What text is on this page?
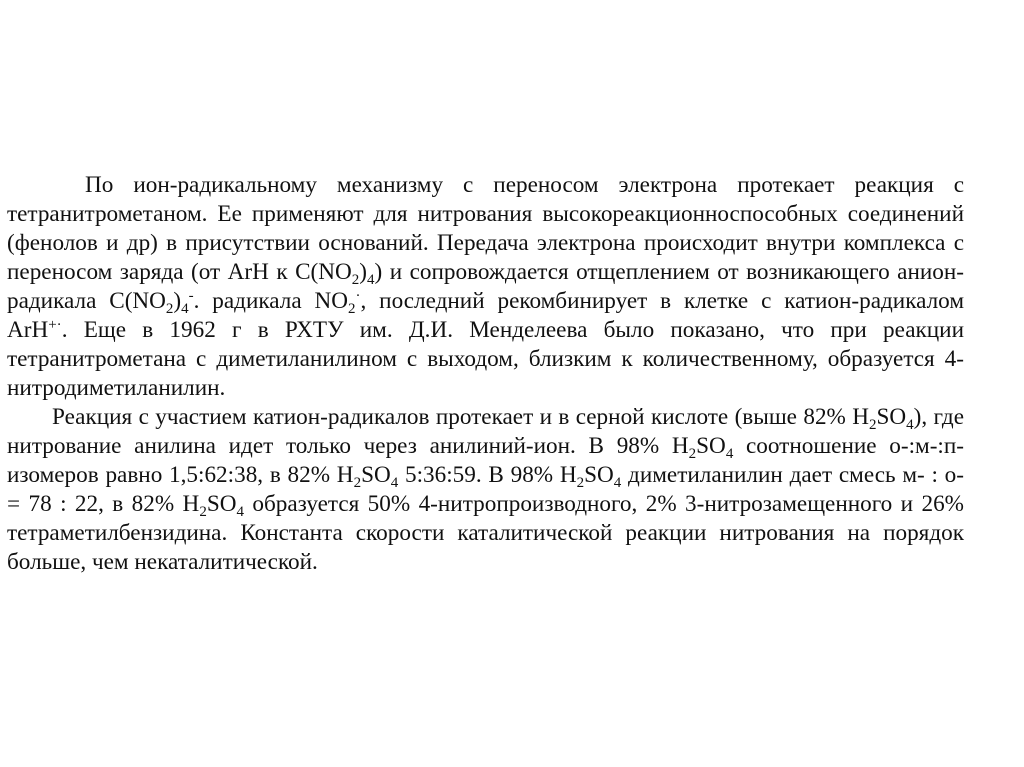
По ион-радикальному механизму с переносом электрона протекает реакция с тетранитрометаном. Ее применяют для нитрования высокореакционноспособных соединений (фенолов и др) в присутствии оснований. Передача электрона происходит внутри комплекса с переносом заряда (от ArH к $C(NO_2)_4$) и сопровождается отщеплением от возникающего анион-радикала $C(NO_2)_4^-$. радикала $NO_2^\cdot$, последний рекомбинирует в клетке с катион-радикалом ArH+·. Еще в 1962 г в РХТУ им. Д.И. Менделеева было показано, что при реакции тетранитрометана с диметиланилином с выходом, близким к количественному, образуется 4-нитродиметиланилин.

Реакция с участием катион-радикалов протекает и в серной кислоте (выше 82% $H_2SO_4$), где нитрование анилина идет только через анилиний-ион. В 98% $H_2SO_4$ соотношение о-:м-:п-изомеров равно 1,5:62:38, в 82% $H_2SO_4$ 5:36:59. В 98% $H_2SO_4$ диметиланилин дает смесь м- : о- = 78 : 22, в 82% $H_2SO_4$ образуется 50% 4-нитропроизводного, 2% 3-нитрозамещенного и 26% тетраметилбензидина. Константа скорости каталитической реакции нитрования на порядок больше, чем некаталитической.
